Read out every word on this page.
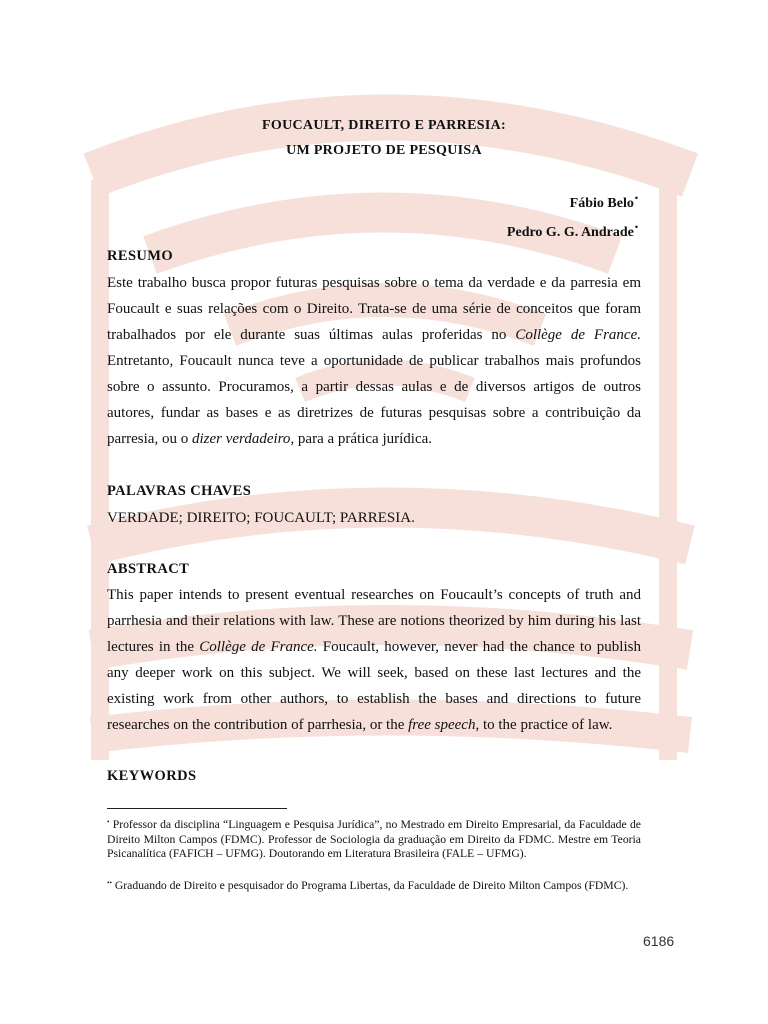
FOUCAULT, DIREITO E PARRESIA:
UM PROJETO DE PESQUISA
Fábio Belo•
Pedro G. G. Andrade•
RESUMO
Este trabalho busca propor futuras pesquisas sobre o tema da verdade e da parresia em Foucault e suas relações com o Direito. Trata-se de uma série de conceitos que foram trabalhados por ele durante suas últimas aulas proferidas no Collège de France. Entretanto, Foucault nunca teve a oportunidade de publicar trabalhos mais profundos sobre o assunto. Procuramos, a partir dessas aulas e de diversos artigos de outros autores, fundar as bases e as diretrizes de futuras pesquisas sobre a contribuição da parresia, ou o dizer verdadeiro, para a prática jurídica.
PALAVRAS CHAVES
VERDADE; DIREITO; FOUCAULT; PARRESIA.
ABSTRACT
This paper intends to present eventual researches on Foucault’s concepts of truth and parrhesia and their relations with law. These are notions theorized by him during his last lectures in the Collège de France. Foucault, however, never had the chance to publish any deeper work on this subject. We will seek, based on these last lectures and the existing work from other authors, to establish the bases and directions to future researches on the contribution of parrhesia, or the free speech, to the practice of law.
KEYWORDS
• Professor da disciplina “Linguagem e Pesquisa Jurídica”, no Mestrado em Direito Empresarial, da Faculdade de Direito Milton Campos (FDMC). Professor de Sociologia da graduação em Direito da FDMC. Mestre em Teoria Psicanalítica (FAFICH – UFMG). Doutorando em Literatura Brasileira (FALE – UFMG).
•• Graduando de Direito e pesquisador do Programa Libertas, da Faculdade de Direito Milton Campos (FDMC).
6186
